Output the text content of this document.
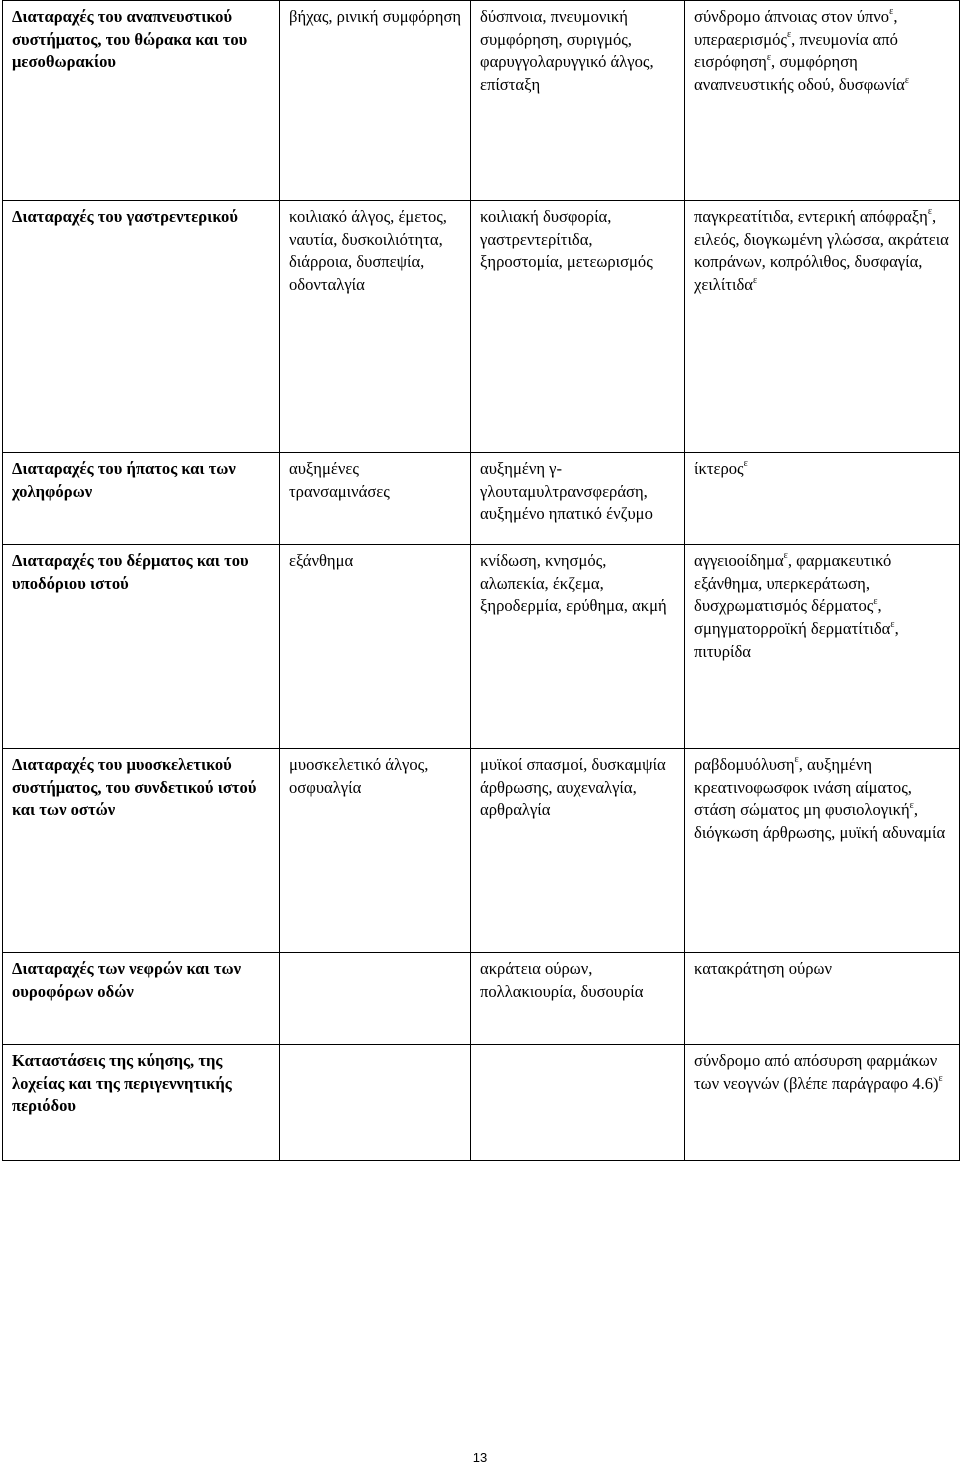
Διαταραχές του αναπνευστικού συστήματος, του θώρακα και του μεσοθωρακίου	βήχας, ρινική συμφόρηση	δύσπνοια, πνευμονική συμφόρηση, συριγμός, φαρυγγολαρυγγικό άλγος, επίσταξη	σύνδρομο άπνοιας στον ύπνο$^\varepsilon$, υπεραερισμός$^\varepsilon$, πνευμονία από εισρόφηση$^\varepsilon$, συμφόρηση αναπνευστικής οδού, δυσφωνία$^\varepsilon$
Διαταραχές του γαστρεντερικού	κοιλιακό άλγος, έμετος, ναυτία, δυσκοιλιότητα, διάρροια, δυσπεψία, οδονταλγία	κοιλιακή δυσφορία, γαστρεντερίτιδα, ξηροστομία, μετεωρισμός	παγκρεατίτιδα, εντερική απόφραξη$^\varepsilon$, ειλεός, διογκωμένη γλώσσα, ακράτεια κοπράνων, κοπρόλιθος, δυσφαγία, χειλίτιδα$^\varepsilon$
Διαταραχές του ήπατος και των χοληφόρων	αυξημένες τρανσαμινάσες	αυξημένη γ-γλουταμυλτρανσφεράση, αυξημένο ηπατικό ένζυμο	ίκτερος$^\varepsilon$
Διαταραχές του δέρματος και του υποδόριου ιστού	εξάνθημα	κνίδωση, κνησμός, αλωπεκία, έκζεμα, ξηροδερμία, ερύθημα, ακμή	αγγειοοίδημα$^\varepsilon$, φαρμακευτικό εξάνθημα, υπερκεράτωση, δυσχρωματισμός δέρματος$^\varepsilon$, σμηγματορροϊκή δερματίτιδα$^\varepsilon$, πιτυρίδα
Διαταραχές του μυοσκελετικού συστήματος, του συνδετικού ιστού και των οστών	μυοσκελετικό άλγος, οσφυαλγία	μυϊκοί σπασμοί, δυσκαμψία άρθρωσης, αυχεναλγία, αρθραλγία	ραβδομυόλυση$^\varepsilon$, αυξημένη κρεατινοφωσφοκ ινάση αίματος, στάση σώματος μη φυσιολογική$^\varepsilon$, διόγκωση άρθρωσης, μυϊκή αδυναμία
Διαταραχές των νεφρών και των ουροφόρων οδών		ακράτεια ούρων, πολλακιουρία, δυσουρία	κατακράτηση ούρων
Καταστάσεις της κύησης, της λοχείας και της περιγεννητικής περιόδου			σύνδρομο από απόσυρση φαρμάκων των νεογνών (βλέπε παράγραφο 4.6)$^\varepsilon$
13
